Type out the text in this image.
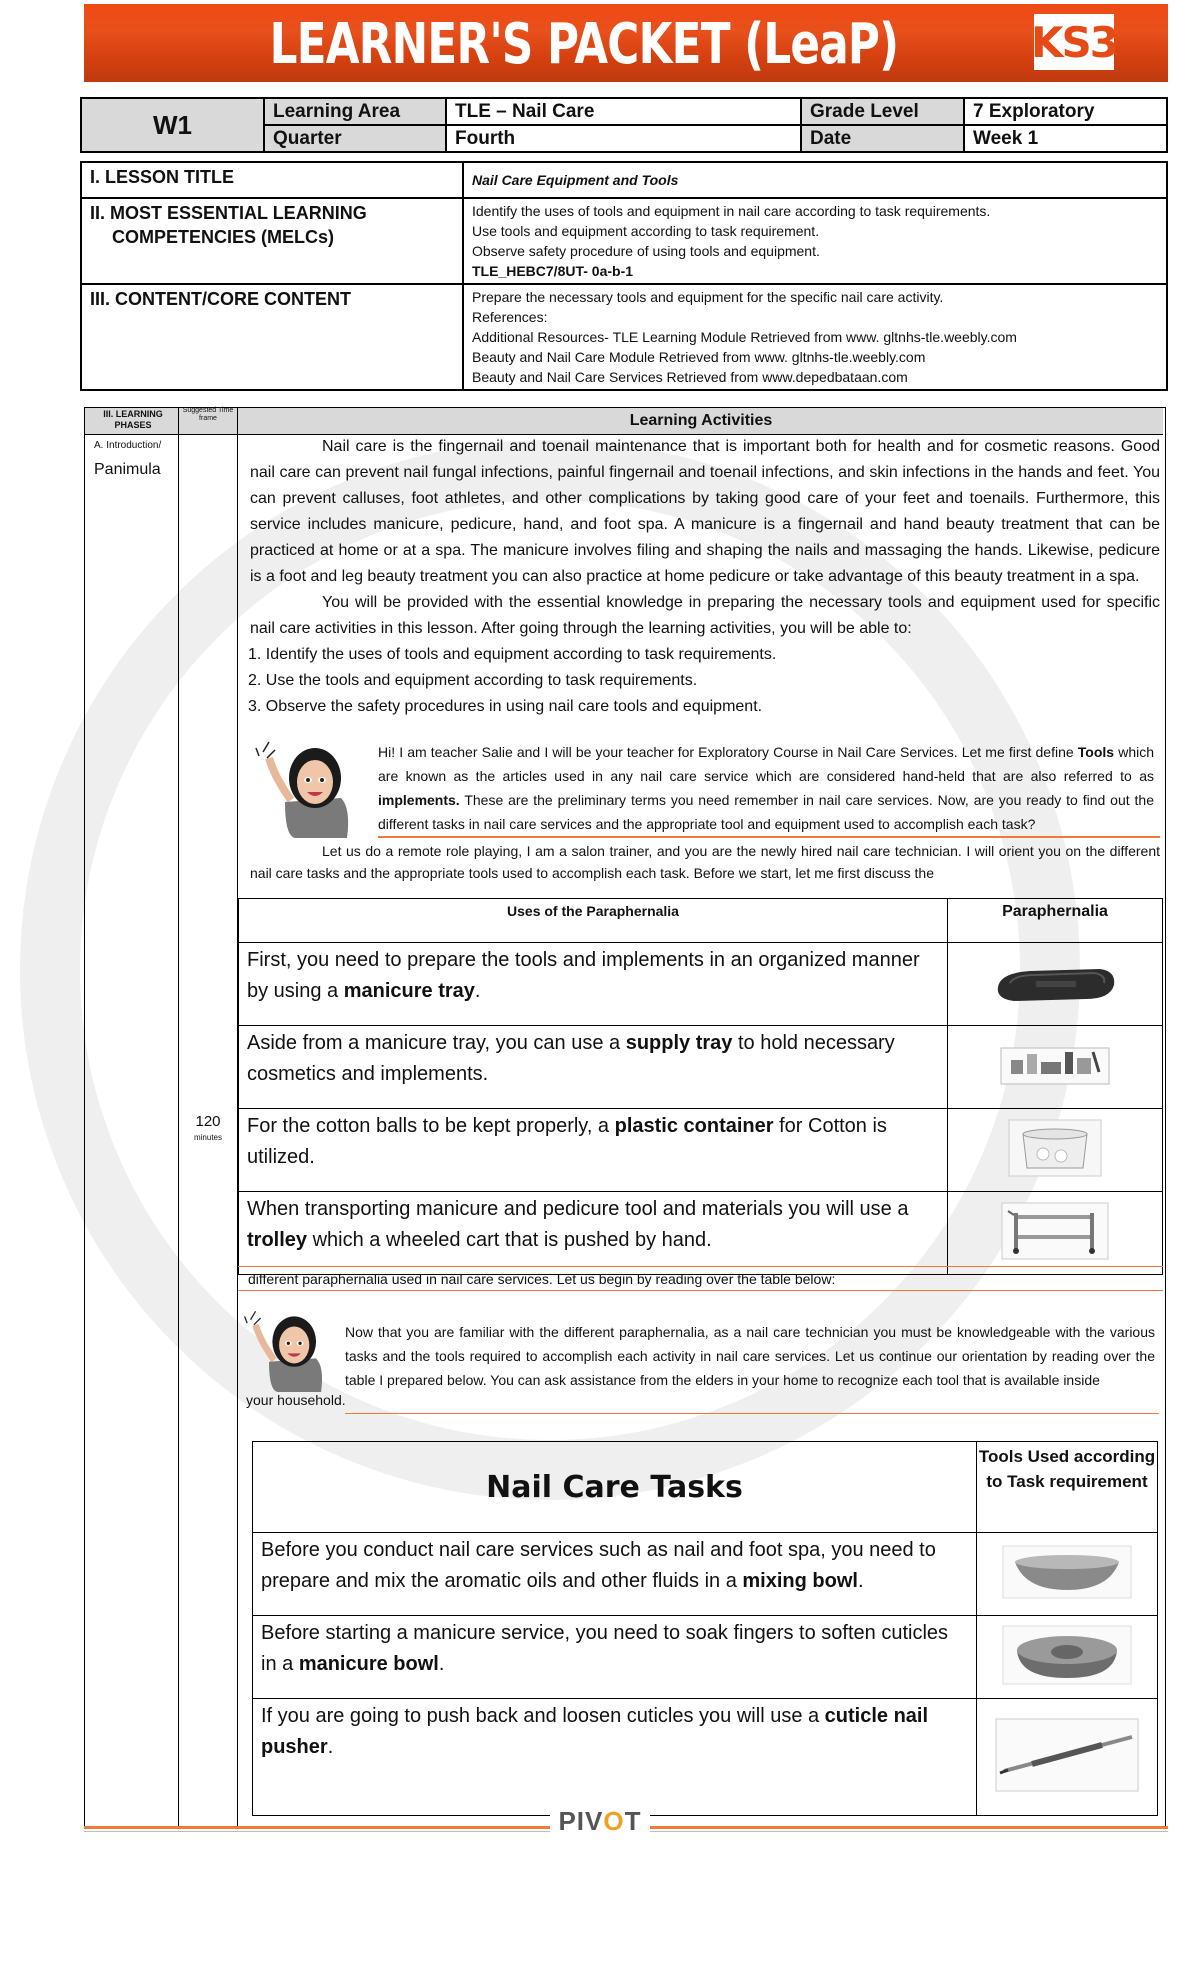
LEARNER'S PACKET (LeaP)	KS3
W1	Learning Area	TLE – Nail Care	Grade Level	7 Exploratory
	Quarter	Fourth	Date	Week 1
I. LESSON TITLE	Nail Care Equipment and Tools
II. MOST ESSENTIAL LEARNING
COMPETENCIES (MELCs)	Identify the uses of tools and equipment in nail care according to task requirements.
Use tools and equipment according to task requirement.
Observe safety procedure of using tools and equipment.
TLE_HEBC7/8UT- 0a-b-1

III. CONTENT/CORE CONTENT	Prepare the necessary tools and equipment for the specific nail care activity.
References:
Additional Resources- TLE Learning Module Retrieved from www. gltnhs-tle.weebly.com
Beauty and Nail Care Module Retrieved from www. gltnhs-tle.weebly.com
Beauty and Nail Care Services Retrieved from www.depedbataan.com
III. LEARNING PHASES
Suggested Time frame	Learning Activities
A. Introduction/
Panimula
120
minutes

Nail care is the fingernail and toenail maintenance that is important both for health and for cosmetic reasons. Good nail care can prevent nail fungal infections, painful fingernail and toenail infections, and skin infections in the hands and feet. You can prevent calluses, foot athletes, and other complications by taking good care of your feet and toenails. Furthermore, this service includes manicure, pedicure, hand, and foot spa. A manicure is a fingernail and hand beauty treatment that can be practiced at home or at a spa. The manicure involves filing and shaping the nails and massaging the hands. Likewise, pedicure is a foot and leg beauty treatment you can also practice at home pedicure or take advantage of this beauty treatment in a spa.

You will be provided with the essential knowledge in preparing the necessary tools and equipment used for specific nail care activities in this lesson. After going through the learning activities, you will be able to:

1. Identify the uses of tools and equipment according to task requirements.
2. Use the tools and equipment according to task requirements.
3. Observe the safety procedures in using nail care tools and equipment.
Hi! I am teacher Salie and I will be your teacher for Exploratory Course in Nail Care Services. Let me first define Tools which are known as the articles used in any nail care service which are considered hand-held that are also referred to as implements. These are the preliminary terms you need remember in nail care services. Now, are you ready to find out the different tasks in nail care services and the appropriate tool and equipment used to accomplish each task?
Let us do a remote role playing, I am a salon trainer, and you are the newly hired nail care technician. I will orient you on the different nail care tasks and the appropriate tools used to accomplish each task. Before we start, let me first discuss the
Uses of the Paraphernalia	Paraphernalia
First, you need to prepare the tools and implements in an organized manner by using a manicure tray.	
Aside from a manicure tray, you can use a supply tray to hold necessary cosmetics and implements.	
For the cotton balls to be kept properly, a plastic container for Cotton is utilized.	
When transporting manicure and pedicure tool and materials you will use a trolley which a wheeled cart that is pushed by hand.	
different paraphernalia used in nail care services. Let us begin by reading over the table below:
Now that you are familiar with the different paraphernalia, as a nail care technician you must be knowledgeable with the various tasks and the tools required to accomplish each activity in nail care services. Let us continue our orientation by reading over the table I prepared below. You can ask assistance from the elders in your home to recognize each tool that is available inside
your household.
Nail Care Tasks	Tools Used according to Task requirement
Before you conduct nail care services such as nail and foot spa, you need to prepare and mix the aromatic oils and other fluids in a mixing bowl.	
Before starting a manicure service, you need to soak fingers to soften cuticles in a manicure bowl.	
If you are going to push back and loosen cuticles you will use a cuticle nail pusher.	
PIVOT
